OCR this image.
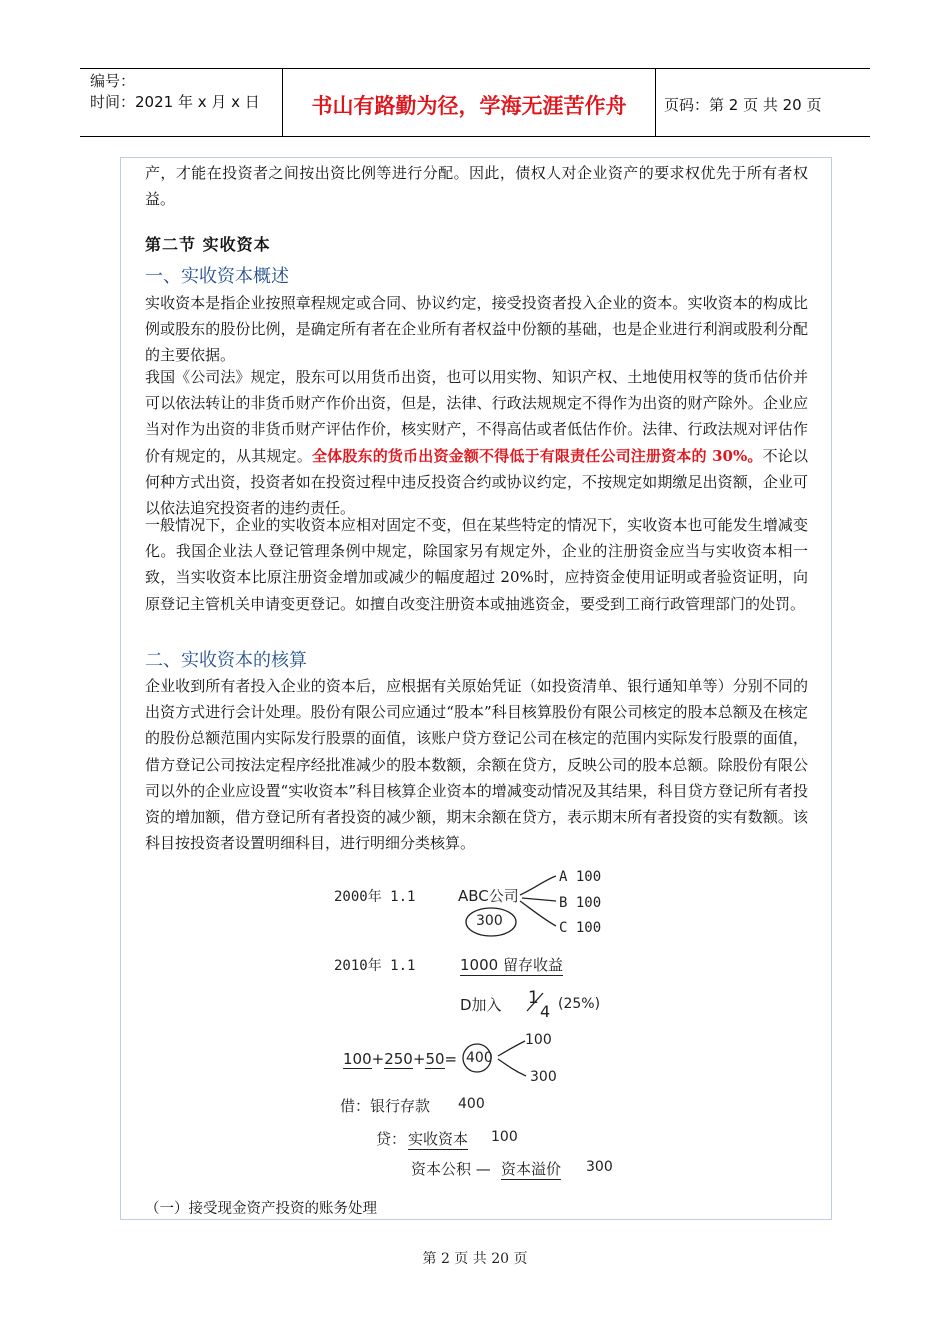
编号：
时间：2021 年 x 月 x 日	书山有路勤为径，学海无涯苦作舟	页码：第 2 页 共 20 页
产，才能在投资者之间按出资比例等进行分配。因此，债权人对企业资产的要求权优先于所有者权益。
第二节 实收资本
一、实收资本概述
实收资本是指企业按照章程规定或合同、协议约定，接受投资者投入企业的资本。实收资本的构成比例或股东的股份比例，是确定所有者在企业所有者权益中份额的基础，也是企业进行利润或股利分配的主要依据。
我国《公司法》规定，股东可以用货币出资，也可以用实物、知识产权、土地使用权等的货币估价并可以依法转让的非货币财产作价出资，但是，法律、行政法规规定不得作为出资的财产除外。企业应当对作为出资的非货币财产评估作价，核实财产，不得高估或者低估作价。法律、行政法规对评估作价有规定的，从其规定。全体股东的货币出资金额不得低于有限责任公司注册资本的 30%。不论以何种方式出资，投资者如在投资过程中违反投资合约或协议约定，不按规定如期缴足出资额，企业可以依法追究投资者的违约责任。
一般情况下，企业的实收资本应相对固定不变，但在某些特定的情况下，实收资本也可能发生增减变化。我国企业法人登记管理条例中规定，除国家另有规定外，企业的注册资金应当与实收资本相一致，当实收资本比原注册资金增加或减少的幅度超过 20%时，应持资金使用证明或者验资证明，向原登记主管机关申请变更登记。如擅自改变注册资本或抽逃资金，要受到工商行政管理部门的处罚。
二、实收资本的核算
企业收到所有者投入企业的资本后，应根据有关原始凭证（如投资清单、银行通知单等）分别不同的出资方式进行会计处理。股份有限公司应通过“股本”科目核算股份有限公司核定的股本总额及在核定的股份总额范围内实际发行股票的面值，该账户贷方登记公司在核定的范围内实际发行股票的面值，借方登记公司按法定程序经批准减少的股本数额，余额在贷方，反映公司的股本总额。除股份有限公司以外的企业应设置“实收资本”科目核算企业资本的增减变动情况及其结果，科目贷方登记所有者投资的增加额，借方登记所有者投资的减少额，期末余额在贷方，表示期末所有者投资的实有数额。该科目按投资者设置明细科目，进行明细分类核算。
2000年 1.1	ABC公司
300
A 100
B 100
C 100
2010年 1.1	1000 留存收益
D加入 1
4 (25%)
100+250+50= 400
100
300
借：银行存款 400
贷： 实收资本 100
资本公积 — 资本溢价 300
（一）接受现金资产投资的账务处理
第 2 页 共 20 页
